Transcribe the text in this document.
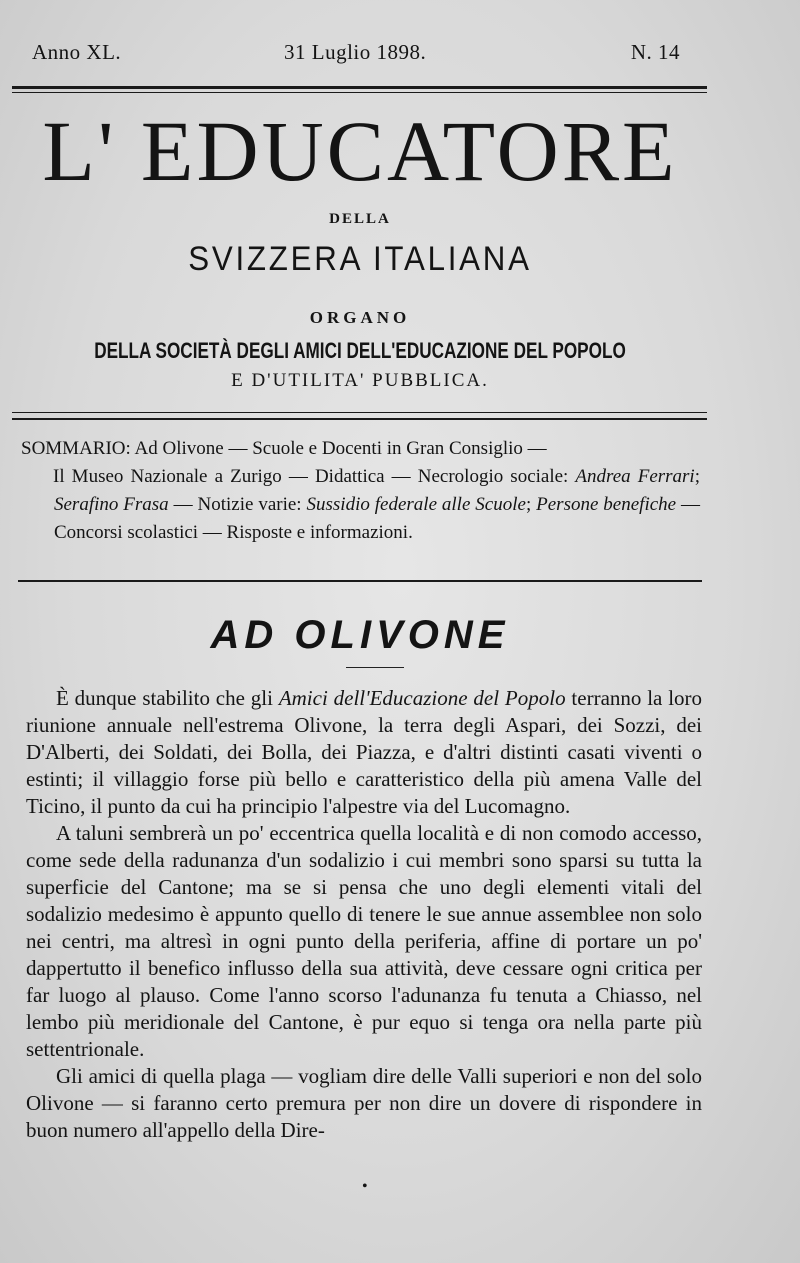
Anno XL.	31 Luglio 1898.	N. 14
L' EDUCATORE
DELLA
SVIZZERA ITALIANA
ORGANO
DELLA SOCIETÀ DEGLI AMICI DELL'EDUCAZIONE DEL POPOLO
E D'UTILITA' PUBBLICA.

SOMMARIO: Ad Olivone — Scuole e Docenti in Gran Consiglio —

Il Museo Nazionale a Zurigo — Didattica — Necrologio sociale: Andrea Ferrari; Serafino Frasa — Notizie varie: Sussidio federale alle Scuole; Persone benefiche — Concorsi scolastici — Risposte e informazioni.

AD OLIVONE

È dunque stabilito che gli Amici dell'Educazione del Popolo terranno la loro riunione annuale nell'estrema Olivone, la terra degli Aspari, dei Sozzi, dei D'Alberti, dei Soldati, dei Bolla, dei Piazza, e d'altri distinti casati viventi o estinti; il villaggio forse più bello e caratteristico della più amena Valle del Ticino, il punto da cui ha principio l'alpestre via del Lucomagno.

A taluni sembrerà un po' eccentrica quella località e di non comodo accesso, come sede della radunanza d'un sodalizio i cui membri sono sparsi su tutta la superficie del Cantone; ma se si pensa che uno degli elementi vitali del sodalizio medesimo è appunto quello di tenere le sue annue assemblee non solo nei centri, ma altresì in ogni punto della periferia, affine di portare un po' dappertutto il benefico influsso della sua attività, deve cessare ogni critica per far luogo al plauso. Come l'anno scorso l'adunanza fu tenuta a Chiasso, nel lembo più meridionale del Cantone, è pur equo si tenga ora nella parte più settentrionale.

Gli amici di quella plaga — vogliam dire delle Valli superiori e non del solo Olivone — si faranno certo premura per non dire un dovere di rispondere in buon numero all'appello della Dire-

•
